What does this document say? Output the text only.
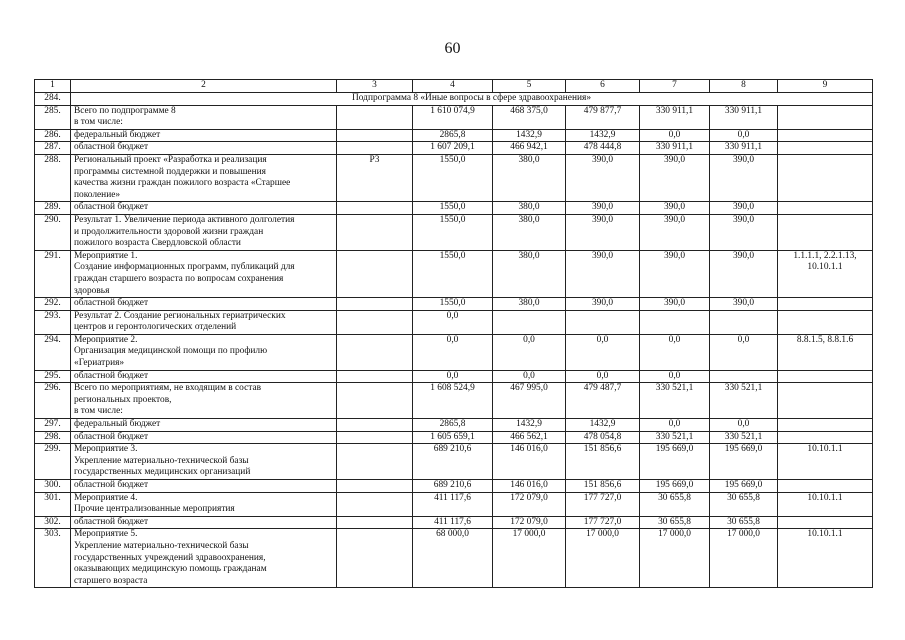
60
1	2	3	4	5	6	7	8	9
284.	Подпрограмма 8 «Иные вопросы в сфере здравоохранения»							
285.	Всего по подпрограмме 8
в том числе:		1 610 074,9	468 375,0	479 877,7	330 911,1	330 911,1	
286.	федеральный бюджет		2865,8	1432,9	1432,9	0,0	0,0	
287.	областной бюджет		1 607 209,1	466 942,1	478 444,8	330 911,1	330 911,1	
288.	Региональный проект «Разработка и реализация
программы системной поддержки и повышения
качества жизни граждан пожилого возраста «Старшее
поколение»	Р3	1550,0	380,0	390,0	390,0	390,0	
289.	областной бюджет		1550,0	380,0	390,0	390,0	390,0	
290.	Результат 1. Увеличение периода активного долголетия
и продолжительности здоровой жизни граждан
пожилого возраста Свердловской области		1550,0	380,0	390,0	390,0	390,0	
291.	Мероприятие 1.
Создание информационных программ, публикаций для
граждан старшего возраста по вопросам сохранения
здоровья		1550,0	380,0	390,0	390,0	390,0	1.1.1.1, 2.2.1.13,
10.10.1.1

292.	областной бюджет		1550,0	380,0	390,0	390,0	390,0	
293.	Результат 2. Создание региональных гериатрических
центров и геронтологических отделений		0,0					
294.	Мероприятие 2.
Организация медицинской помощи по профилю
«Гериатрия»		0,0	0,0	0,0	0,0	0,0	8.8.1.5, 8.8.1.6

295.	областной бюджет		0,0	0,0	0,0	0,0		
296.	Всего по мероприятиям, не входящим в состав
региональных проектов,
в том числе:		1 608 524,9	467 995,0	479 487,7	330 521,1	330 521,1	
297.	федеральный бюджет		2865,8	1432,9	1432,9	0,0	0,0	
298.	областной бюджет		1 605 659,1	466 562,1	478 054,8	330 521,1	330 521,1	
299.	Мероприятие 3.
Укрепление материально-технической базы
государственных медицинских организаций		689 210,6	146 016,0	151 856,6	195 669,0	195 669,0	10.10.1.1

300.	областной бюджет		689 210,6	146 016,0	151 856,6	195 669,0	195 669,0	
301.	Мероприятие 4.
Прочие централизованные мероприятия		411 117,6	172 079,0	177 727,0	30 655,8	30 655,8	10.10.1.1

302.	областной бюджет		411 117,6	172 079,0	177 727,0	30 655,8	30 655,8	
303.	Мероприятие 5.
Укрепление материально-технической базы
государственных учреждений здравоохранения,
оказывающих медицинскую помощь гражданам
старшего возраста		68 000,0	17 000,0	17 000,0	17 000,0	17 000,0	10.10.1.1
